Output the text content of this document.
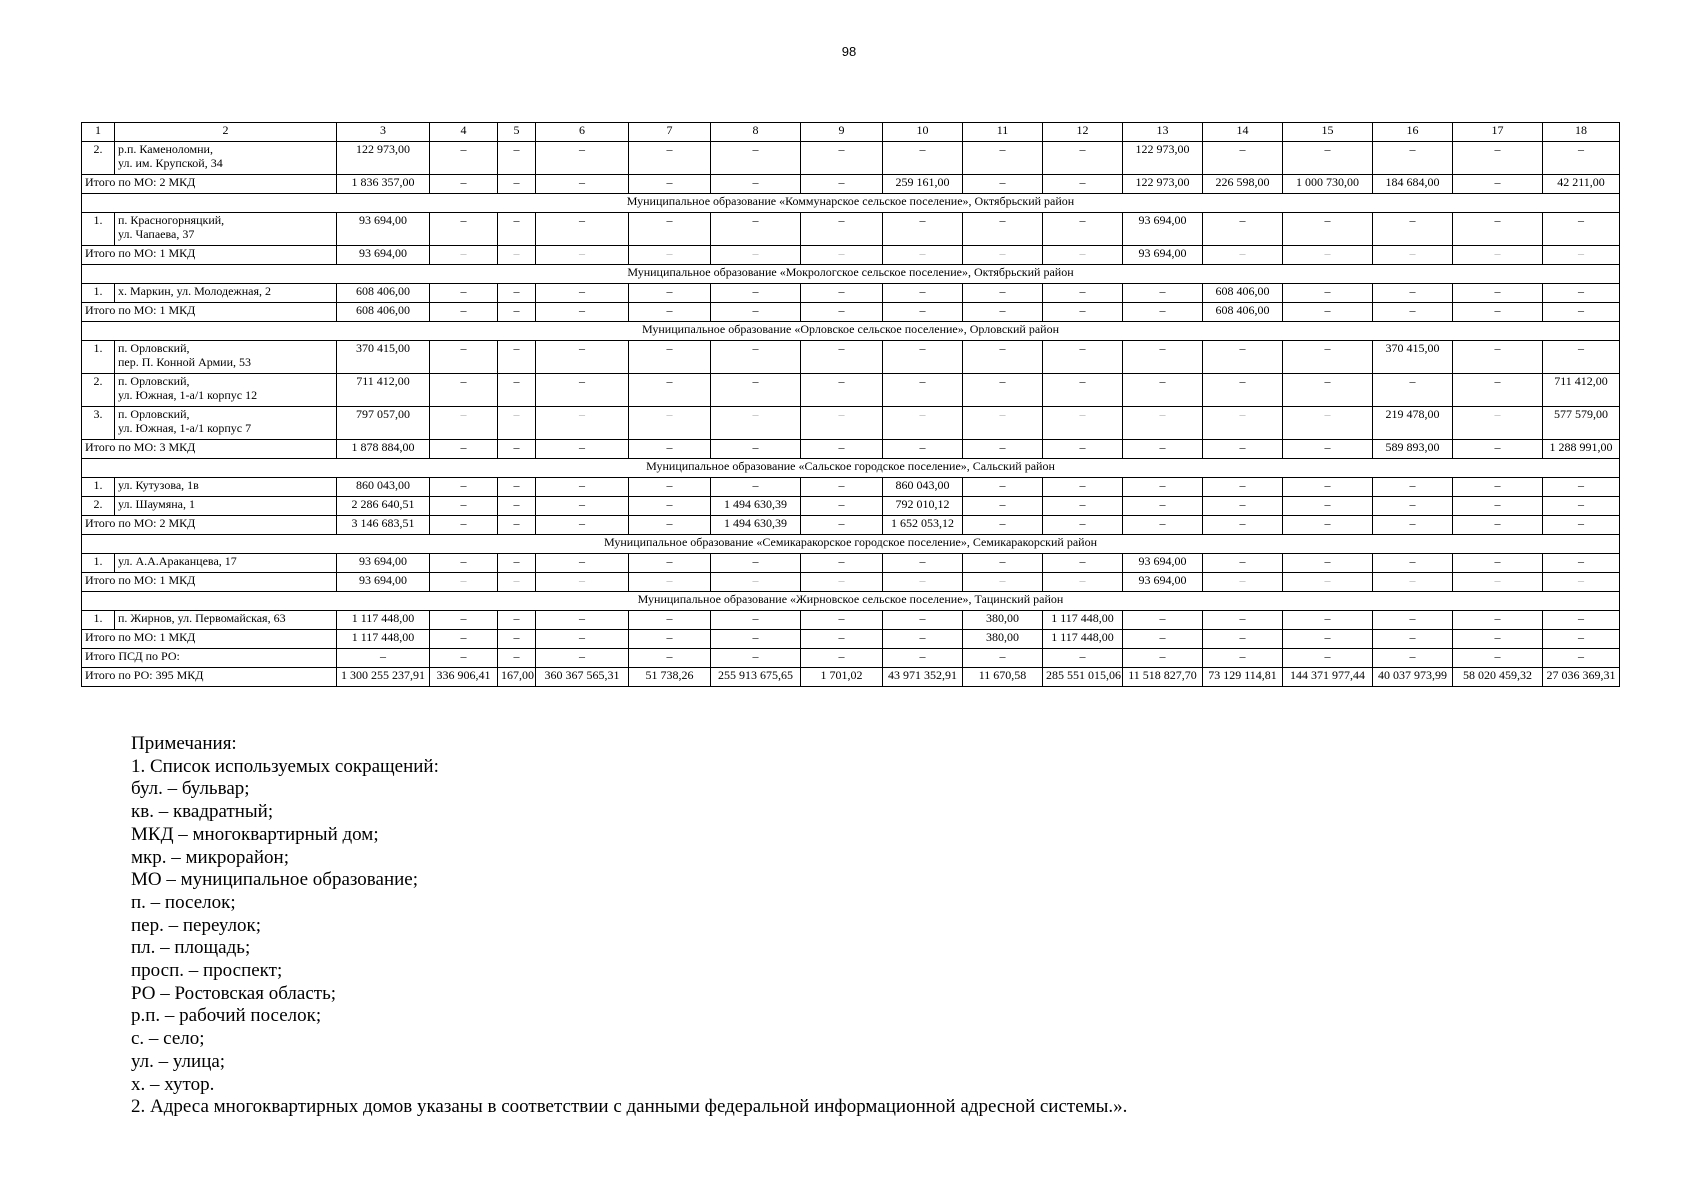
98
1	2	3	4	5	6	7	8	9	10	11	12	13	14	15	16	17	18
2.	р.п. Каменоломни,
ул. им. Крупской, 34	122 973,00	–	–	–	–	–	–	–	–	–	122 973,00	–	–	–	–	–
Итого по МО: 2 МКД		1 836 357,00	–	–	–	–	–	–	259 161,00	–	–	122 973,00	226 598,00	1 000 730,00	184 684,00	–	42 211,00
Муниципальное образование «Коммунарское сельское поселение», Октябрьский район																	
1.	п. Красногорняцкий,
ул. Чапаева, 37	93 694,00	–	–	–	–	–	–	–	–	–	93 694,00	–	–	–	–	–
Итого по МО: 1 МКД		93 694,00	–	–	–	–	–	–	–	–	–	93 694,00	–	–	–	–	–
Муниципальное образование «Мокрологское сельское поселение», Октябрьский район																	
1.	х. Маркин, ул. Молодежная, 2	608 406,00	–	–	–	–	–	–	–	–	–	–	608 406,00	–	–	–	–
Итого по МО: 1 МКД		608 406,00	–	–	–	–	–	–	–	–	–	–	608 406,00	–	–	–	–
Муниципальное образование «Орловское сельское поселение», Орловский район																	
1.	п. Орловский,
пер. П. Конной Армии, 53	370 415,00	–	–	–	–	–	–	–	–	–	–	–	–	370 415,00	–	–
2.	п. Орловский,
ул. Южная, 1-а/1 корпус 12	711 412,00	–	–	–	–	–	–	–	–	–	–	–	–	–	–	711 412,00
3.	п. Орловский,
ул. Южная, 1-а/1 корпус 7	797 057,00	–	–	–	–	–	–	–	–	–	–	–	–	219 478,00	–	577 579,00
Итого по МО: 3 МКД		1 878 884,00	–	–	–	–	–	–	–	–	–	–	–	–	589 893,00	–	1 288 991,00
Муниципальное образование «Сальское городское поселение», Сальский район																	
1.	ул. Кутузова, 1в	860 043,00	–	–	–	–	–	–	860 043,00	–	–	–	–	–	–	–	–
2.	ул. Шаумяна, 1	2 286 640,51	–	–	–	–	1 494 630,39	–	792 010,12	–	–	–	–	–	–	–	–
Итого по МО: 2 МКД		3 146 683,51	–	–	–	–	1 494 630,39	–	1 652 053,12	–	–	–	–	–	–	–	–
Муниципальное образование «Семикаракорское городское поселение», Семикаракорский район																	
1.	ул. А.А.Араканцева, 17	93 694,00	–	–	–	–	–	–	–	–	–	93 694,00	–	–	–	–	–
Итого по МО: 1 МКД		93 694,00	–	–	–	–	–	–	–	–	–	93 694,00	–	–	–	–	–
Муниципальное образование «Жирновское сельское поселение», Тацинский район																	
1.	п. Жирнов, ул. Первомайская, 63	1 117 448,00	–	–	–	–	–	–	–	380,00	1 117 448,00	–	–	–	–	–	–
Итого по МО: 1 МКД		1 117 448,00	–	–	–	–	–	–	–	380,00	1 117 448,00	–	–	–	–	–	–
Итого ПСД по РО:		–	–	–	–	–	–	–	–	–	–	–	–	–	–	–	–
Итого по РО: 395 МКД		1 300 255 237,91	336 906,41	167,00	360 367 565,31	51 738,26	255 913 675,65	1 701,02	43 971 352,91	11 670,58	285 551 015,06	11 518 827,70	73 129 114,81	144 371 977,44	40 037 973,99	58 020 459,32	27 036 369,31
Примечания:
1. Список используемых сокращений:
бул. – бульвар;
кв. – квадратный;
МКД – многоквартирный дом;
мкр. – микрорайон;
МО – муниципальное образование;
п. – поселок;
пер. – переулок;
пл. – площадь;
просп. – проспект;
РО – Ростовская область;
р.п. – рабочий поселок;
с. – село;
ул. – улица;
х. – хутор.
2. Адреса многоквартирных домов указаны в соответствии с данными федеральной информационной адресной системы.».
